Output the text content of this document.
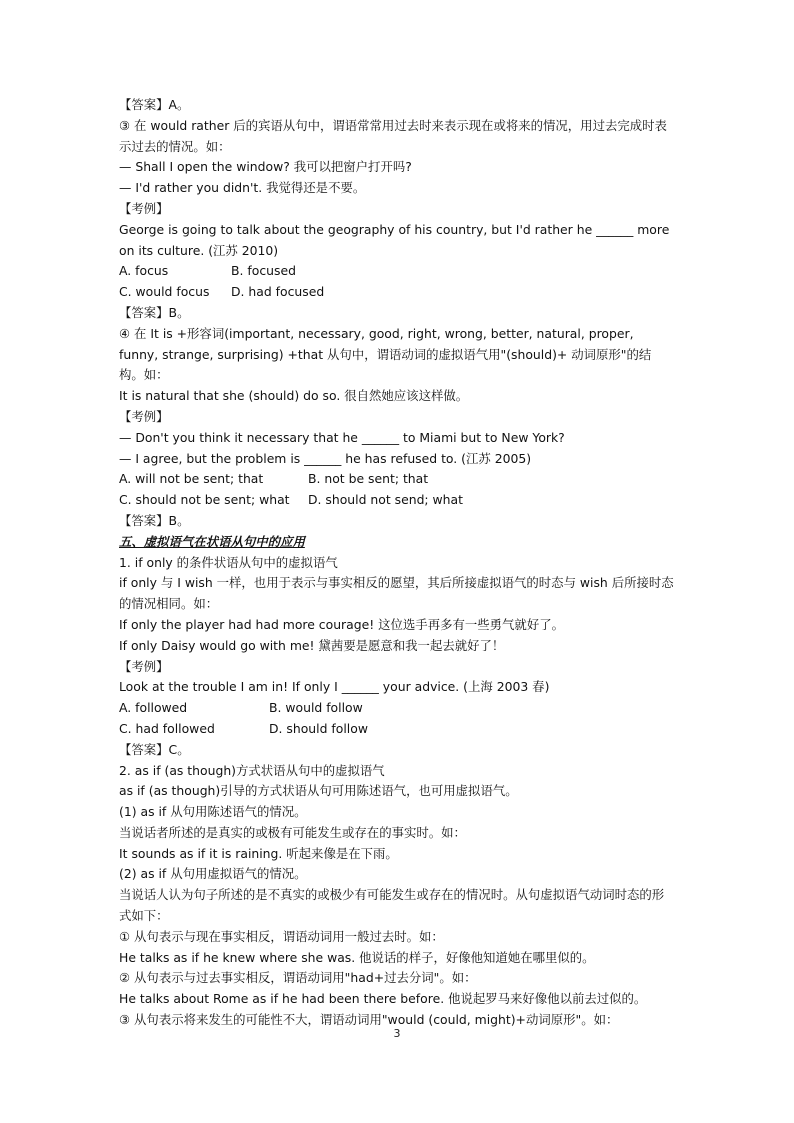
【答案】A。
③ 在 would rather 后的宾语从句中，谓语常常用过去时来表示现在或将来的情况，用过去完成时表示过去的情况。如：
— Shall I open the window? 我可以把窗户打开吗?
— I'd rather you didn't. 我觉得还是不要。
【考例】
George is going to talk about the geography of his country, but I'd rather he ______ more on its culture. (江苏 2010)
A. focus	B. focused
C. would focus D. had focused
【答案】B。
④ 在 It is +形容词(important, necessary, good, right, wrong, better, natural, proper, funny, strange, surprising) +that 从句中，谓语动词的虚拟语气用"(should)+ 动词原形"的结构。如：
It is natural that she (should) do so. 很自然她应该这样做。
【考例】
— Don't you think it necessary that he ______ to Miami but to New York?
— I agree, but the problem is ______ he has refused to. (江苏 2005)
A. will not be sent; that	B. not be sent; that
C. should not be sent; what D. should not send; what
【答案】B。
五、虚拟语气在状语从句中的应用
1. if only 的条件状语从句中的虚拟语气
if only 与 I wish 一样，也用于表示与事实相反的愿望，其后所接虚拟语气的时态与 wish 后所接时态的情况相同。如：
If only the player had had more courage! 这位选手再多有一些勇气就好了。
If only Daisy would go with me! 黛茜要是愿意和我一起去就好了！
【考例】
Look at the trouble I am in! If only I ______ your advice. (上海 2003 春)
A. followed	B. would follow
C. had followed	D. should follow
【答案】C。
2. as if (as though)方式状语从句中的虚拟语气
as if (as though)引导的方式状语从句可用陈述语气，也可用虚拟语气。
(1) as if 从句用陈述语气的情况。
当说话者所述的是真实的或极有可能发生或存在的事实时。如：
It sounds as if it is raining. 听起来像是在下雨。
(2) as if 从句用虚拟语气的情况。
当说话人认为句子所述的是不真实的或极少有可能发生或存在的情况时。从句虚拟语气动词时态的形式如下：
① 从句表示与现在事实相反，谓语动词用一般过去时。如：
He talks as if he knew where she was. 他说话的样子，好像他知道她在哪里似的。
② 从句表示与过去事实相反，谓语动词用"had+过去分词"。如：
He talks about Rome as if he had been there before. 他说起罗马来好像他以前去过似的。
③ 从句表示将来发生的可能性不大，谓语动词用"would (could, might)+动词原形"。如：
3
